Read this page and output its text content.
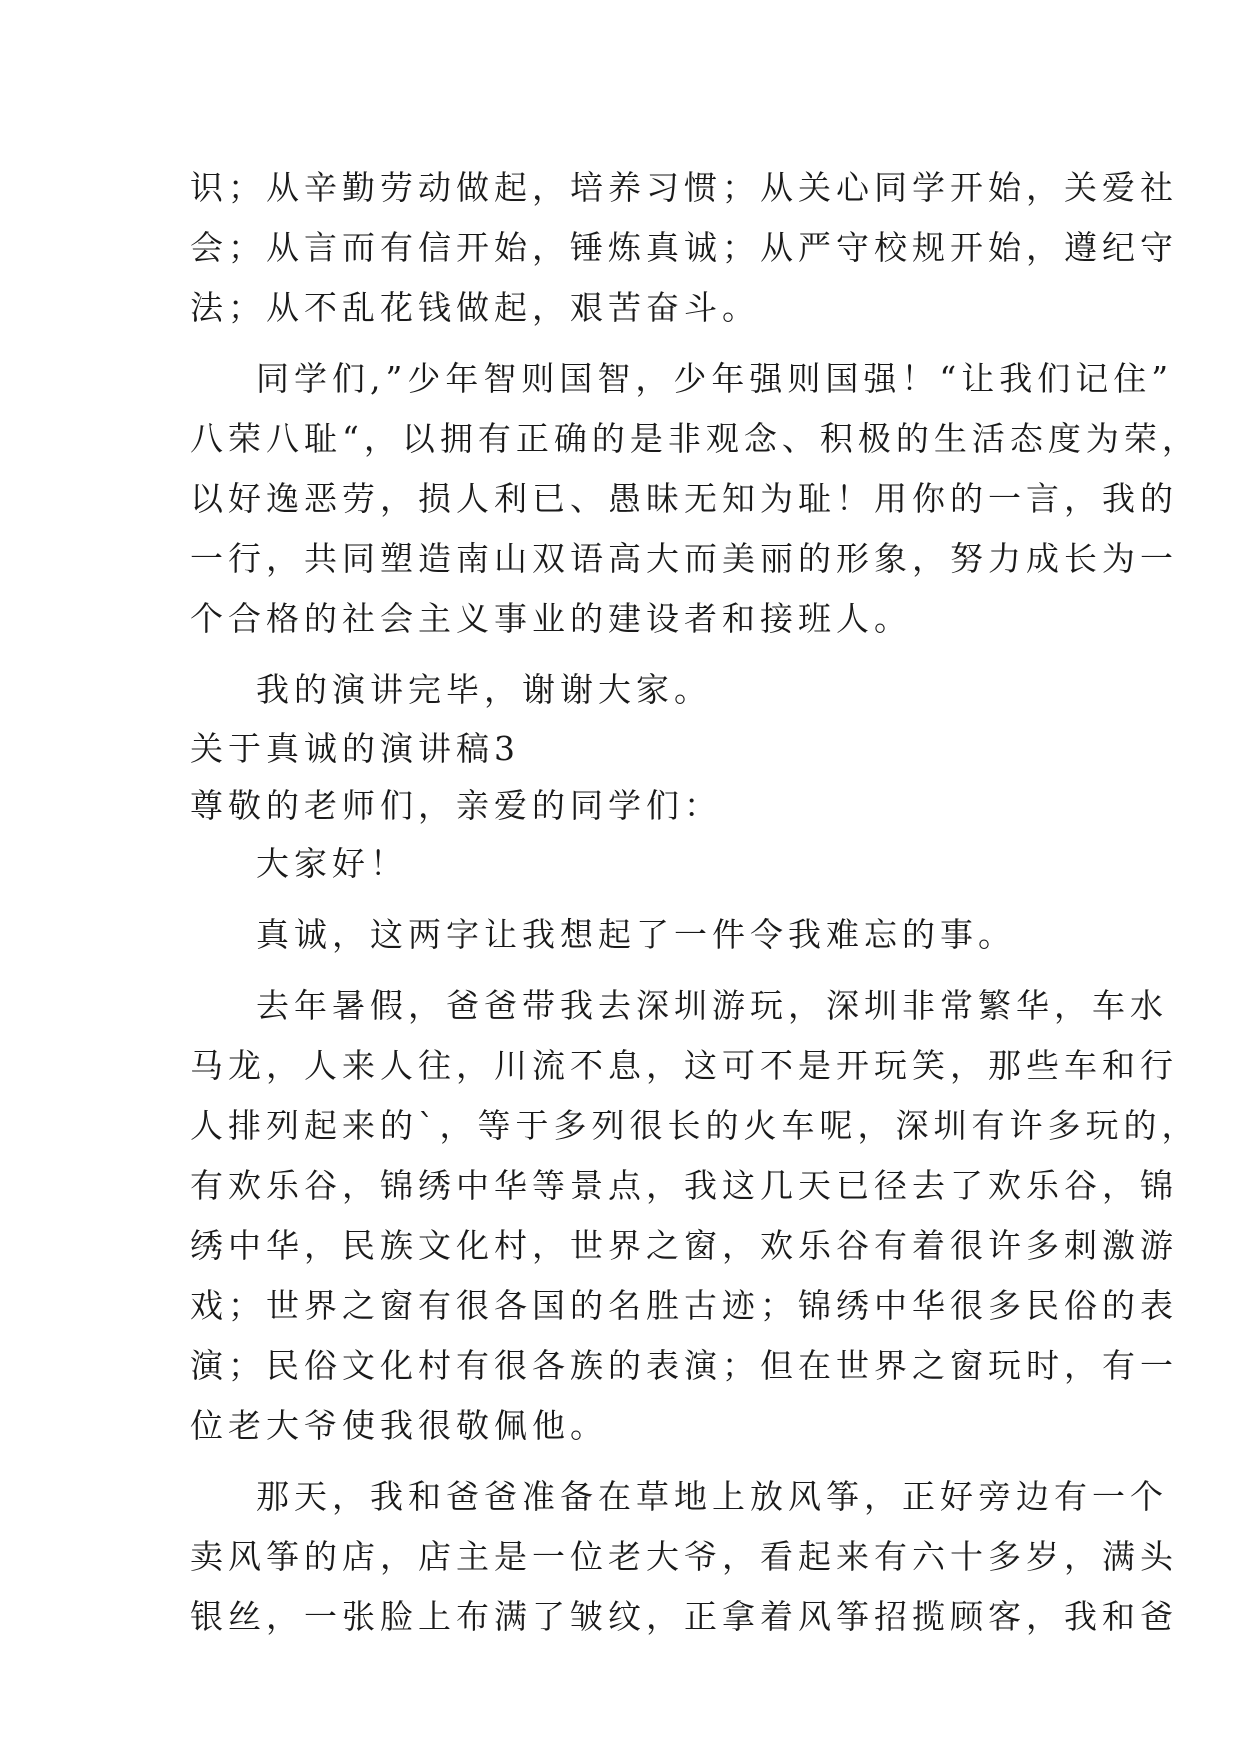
识；从辛勤劳动做起，培养习惯；从关心同学开始，关爱社
会；从言而有信开始，锤炼真诚；从严守校规开始，遵纪守
法；从不乱花钱做起，艰苦奋斗。
同学们,”少年智则国智，少年强则国强！“让我们记住”
八荣八耻“，以拥有正确的是非观念、积极的生活态度为荣，
以好逸恶劳，损人利已、愚昧无知为耻！用你的一言，我的
一行，共同塑造南山双语高大而美丽的形象，努力成长为一
个合格的社会主义事业的建设者和接班人。
我的演讲完毕，谢谢大家。
关于真诚的演讲稿3
尊敬的老师们，亲爱的同学们：
大家好！
真诚，这两字让我想起了一件令我难忘的事。
去年暑假，爸爸带我去深圳游玩，深圳非常繁华，车水
马龙，人来人往，川流不息，这可不是开玩笑，那些车和行
人排列起来的`，等于多列很长的火车呢，深圳有许多玩的，
有欢乐谷，锦绣中华等景点，我这几天已径去了欢乐谷，锦
绣中华，民族文化村，世界之窗，欢乐谷有着很许多刺激游
戏；世界之窗有很各国的名胜古迹；锦绣中华很多民俗的表
演；民俗文化村有很各族的表演；但在世界之窗玩时，有一
位老大爷使我很敬佩他。
那天，我和爸爸准备在草地上放风筝，正好旁边有一个
卖风筝的店，店主是一位老大爷，看起来有六十多岁，满头
银丝，一张脸上布满了皱纹，正拿着风筝招揽顾客，我和爸
